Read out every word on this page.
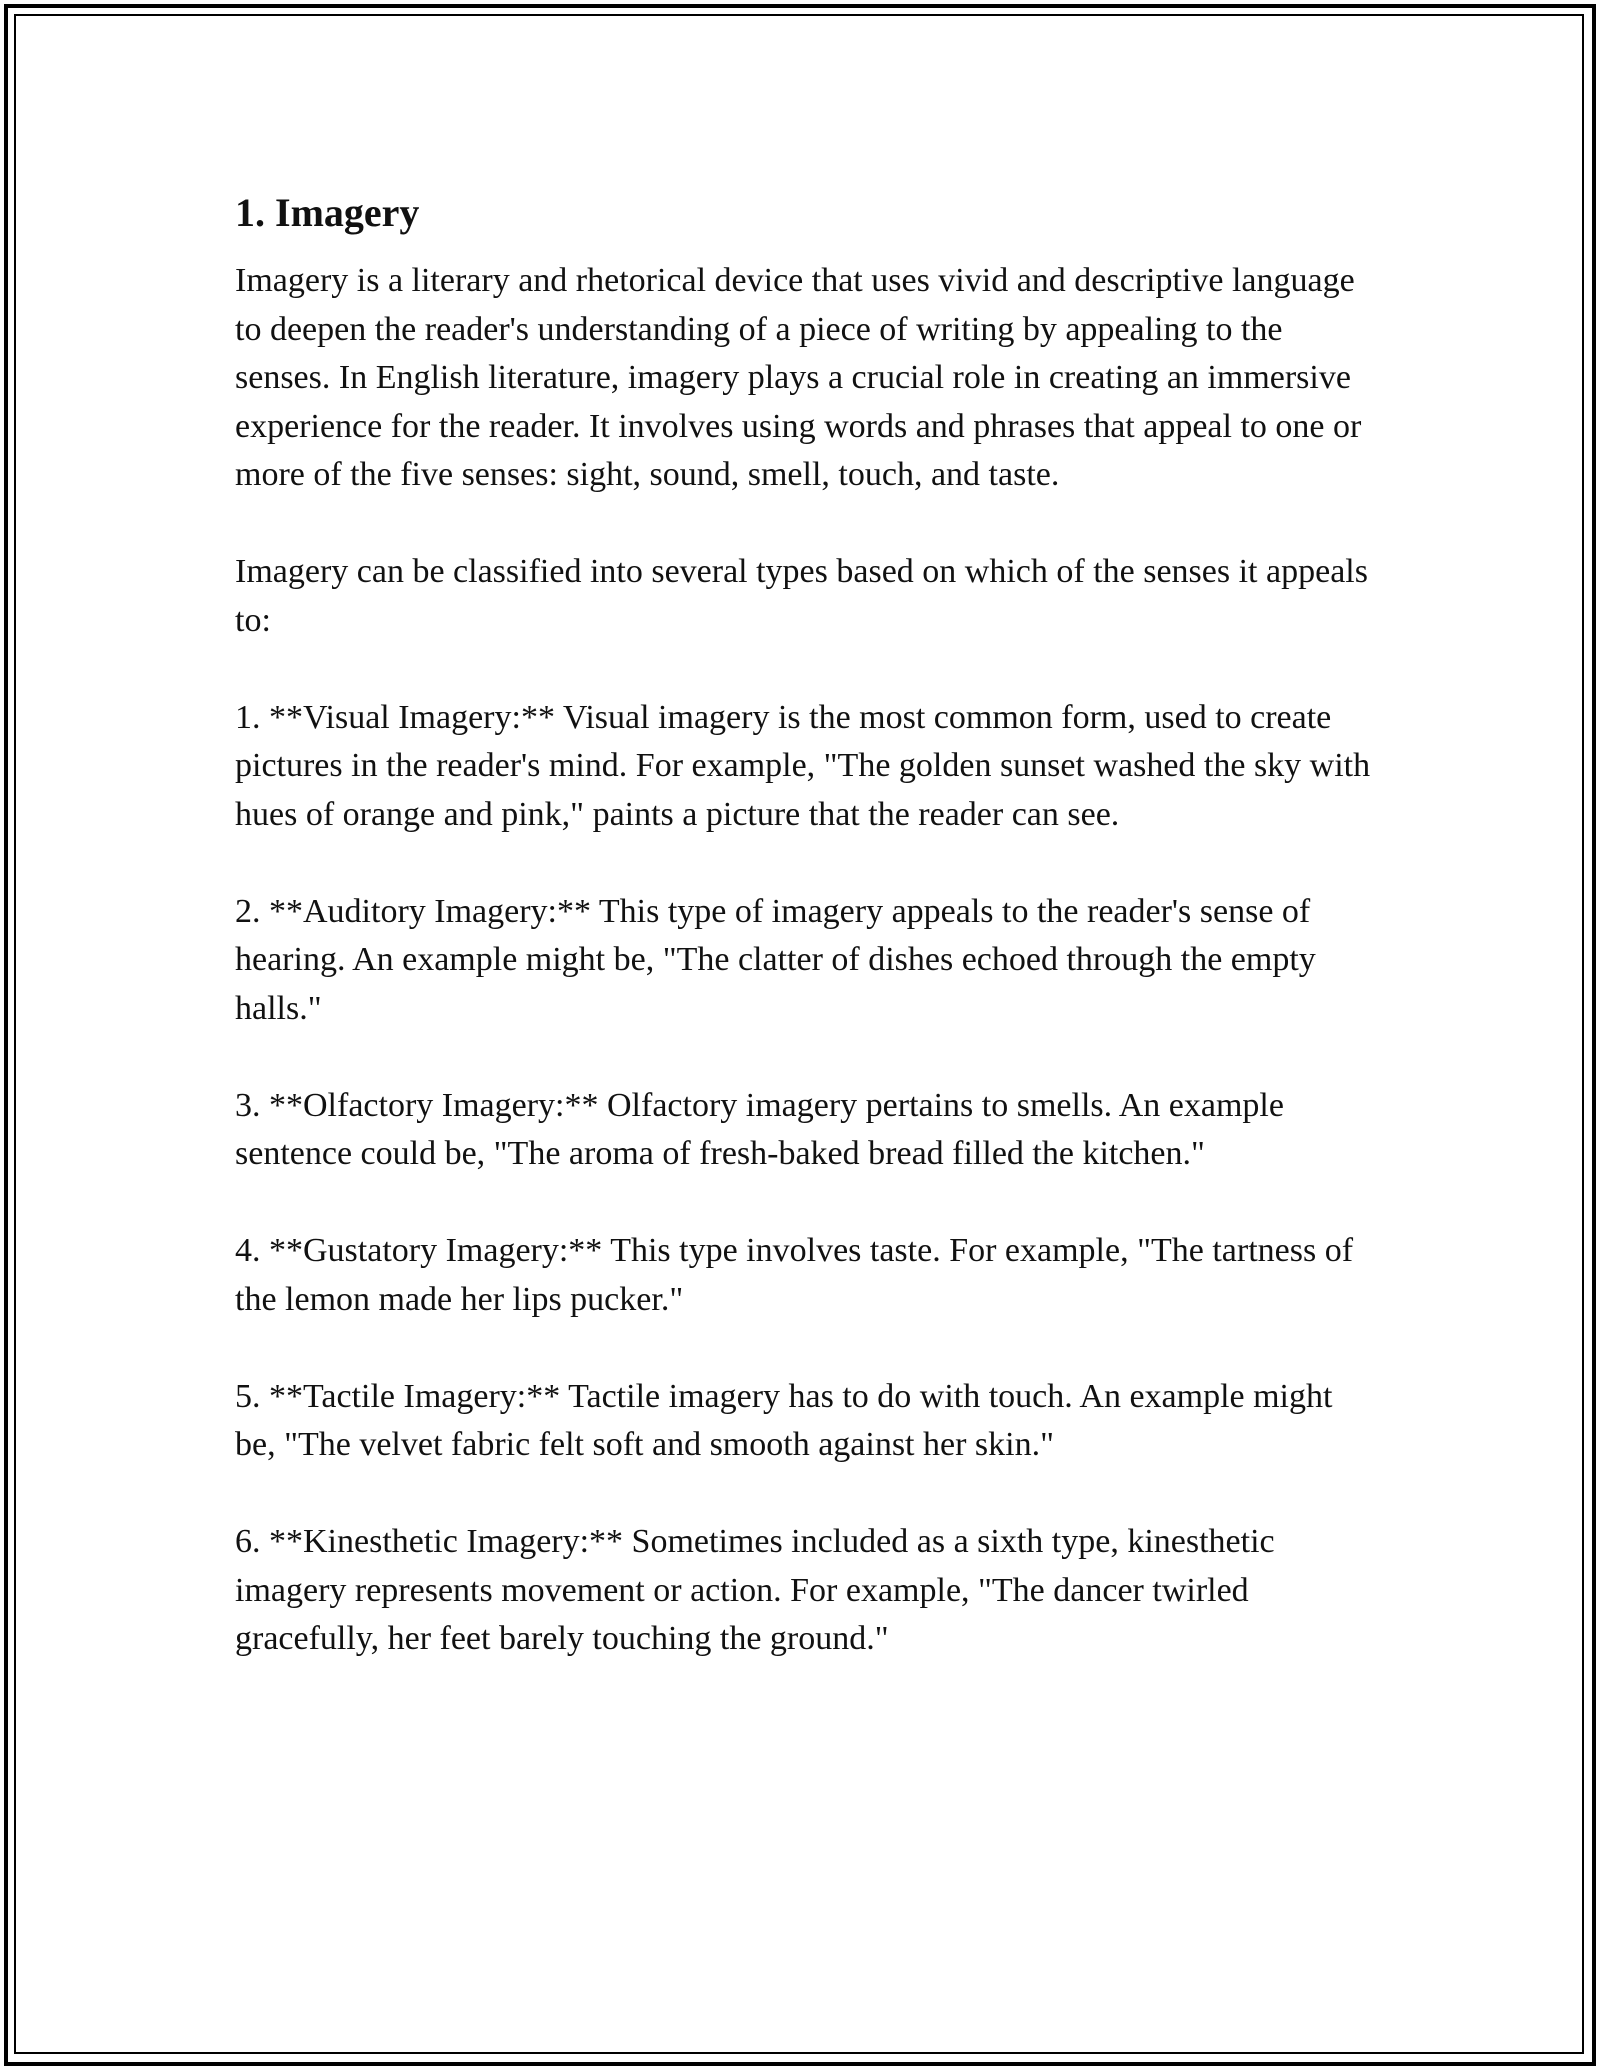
1. Imagery

Imagery is a literary and rhetorical device that uses vivid and descriptive language to deepen the reader's understanding of a piece of writing by appealing to the senses. In English literature, imagery plays a crucial role in creating an immersive experience for the reader. It involves using words and phrases that appeal to one or more of the five senses: sight, sound, smell, touch, and taste.

Imagery can be classified into several types based on which of the senses it appeals to:

1. **Visual Imagery:** Visual imagery is the most common form, used to create pictures in the reader's mind. For example, "The golden sunset washed the sky with hues of orange and pink," paints a picture that the reader can see.

2. **Auditory Imagery:** This type of imagery appeals to the reader's sense of hearing. An example might be, "The clatter of dishes echoed through the empty halls."

3. **Olfactory Imagery:** Olfactory imagery pertains to smells. An example sentence could be, "The aroma of fresh-baked bread filled the kitchen."

4. **Gustatory Imagery:** This type involves taste. For example, "The tartness of the lemon made her lips pucker."

5. **Tactile Imagery:** Tactile imagery has to do with touch. An example might be, "The velvet fabric felt soft and smooth against her skin."

6. **Kinesthetic Imagery:** Sometimes included as a sixth type, kinesthetic imagery represents movement or action. For example, "The dancer twirled gracefully, her feet barely touching the ground."
